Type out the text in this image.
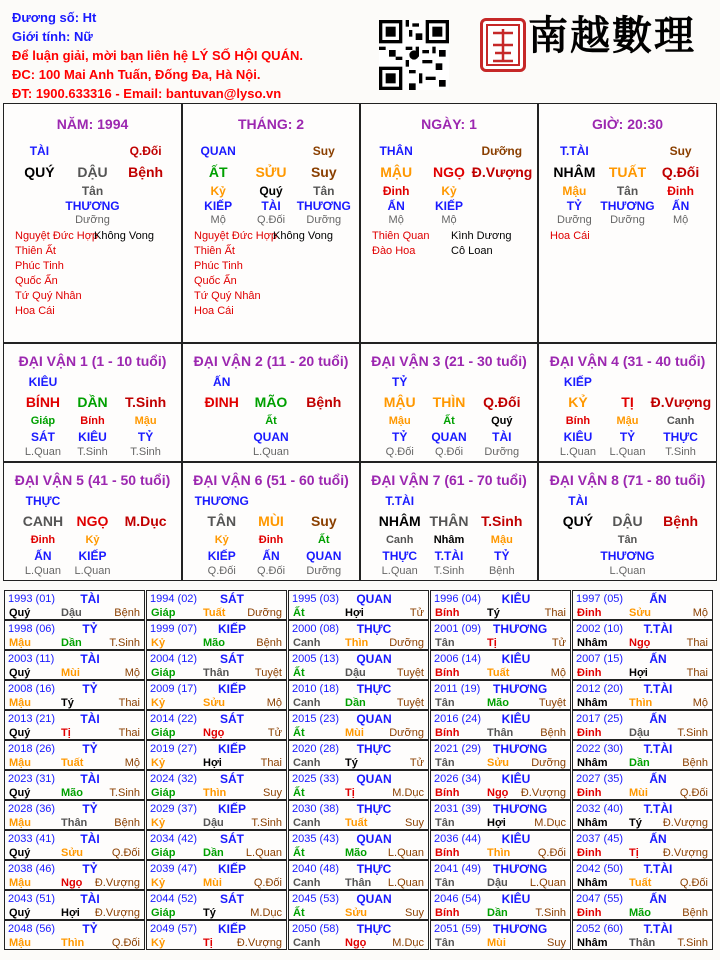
Đương số: Ht
Giới tính: Nữ
Để luận giải, mời bạn liên hệ LÝ SỐ HỘI QUÁN.
ĐC: 100 Mai Anh Tuấn, Đống Đa, Hà Nội.
ĐT: 1900.633316 - Email: bantuvan@lyso.vn
南越數理
NĂM: 1994
TÀI	Q.Đối
QUÝ	DẬU	Bệnh
Tân
THƯƠNG
Dưỡng
Nguyệt Đức Hợp
Thiên Ất
Phúc Tinh
Quốc Ấn
Tứ Quý Nhân
Hoa Cái
Không Vong
THÁNG: 2
QUAN	Suy
ẤT	SỬU	Suy
Kỷ	Quý	Tân
KIẾP	TÀI	THƯƠNG
Mộ	Q.Đối	Dưỡng
Nguyệt Đức Hợp
Thiên Ất
Phúc Tinh
Quốc Ấn
Tứ Quý Nhân
Hoa Cái
Không Vong
NGÀY: 1
THÂN	Dưỡng
MẬU	NGỌ Đ.Vượng
Đinh	Kỷ
ẤN	KIẾP
Mộ	Mộ
Thiên Quan
Đào Hoa
Kình Dương
Cô Loan
GIỜ: 20:30
T.TÀI	Suy
NHÂM TUẤT	Q.Đối
Mậu	Tân	Đinh
TỶ	THƯƠNG	ẤN
Dưỡng	Dưỡng	Mộ
Hoa Cái
ĐẠI VẬN 1 (1 - 10 tuổi)
KIÊU
BÍNH	DẦN	T.Sinh
Giáp	Bính	Mậu
SÁT	KIÊU	TỶ
L.Quan	T.Sinh	T.Sinh
ĐẠI VẬN 2 (11 - 20 tuổi)
ẤN
ĐINH	MÃO	Bệnh
Ất
QUAN
L.Quan
ĐẠI VẬN 3 (21 - 30 tuổi)
TỶ
MẬU	THÌN	Q.Đối
Mậu	Ất	Quý
TỶ	QUAN	TÀI
Q.Đối	Q.Đối	Dưỡng
ĐẠI VẬN 4 (31 - 40 tuổi)
KIẾP
KỶ	TỊ	Đ.Vượng
Bính	Mậu	Canh
KIÊU	TỶ	THỰC
L.Quan	L.Quan	T.Sinh
ĐẠI VẬN 5 (41 - 50 tuổi)
THỰC
CANH NGỌ	M.Dục
Đinh	Kỷ
ẤN	KIẾP
L.Quan	L.Quan
ĐẠI VẬN 6 (51 - 60 tuổi)
THƯƠNG
TÂN	MÙI	Suy
Kỷ	Đinh	Ất
KIẾP	ẤN	QUAN
Q.Đối	Q.Đối	Dưỡng
ĐẠI VẬN 7 (61 - 70 tuổi)
T.TÀI
NHÂM THÂN T.Sinh
Canh	Nhâm	Mậu
THỰC	T.TÀI	TỶ
L.Quan	T.Sinh	Bệnh
ĐẠI VẬN 8 (71 - 80 tuổi)
TÀI
QUÝ	DẬU	Bệnh
Tân
THƯƠNG
L.Quan
1993 (01)	TÀI
Quý	Dậu	Bệnh
1994 (02)	SÁT
Giáp	Tuất Dưỡng
1995 (03)	QUAN
Ất	Hợi	Tử
1996 (04)	KIÊU
Bính	Tý	Thai
1997 (05)	ẤN
Đinh	Sửu	Mộ
1998 (06)	TỶ
Mậu	Dần	T.Sinh
1999 (07)	KIẾP
Kỷ	Mão	Bệnh
2000 (08)	THỰC
Canh Thìn Dưỡng
2001 (09) THƯƠNG
Tân	Tị	Tử
2002 (10)	T.TÀI
Nhâm Ngọ	Thai
2003 (11)	TÀI
Quý	Mùi	Mộ
2004 (12)	SÁT
Giáp	Thân Tuyệt
2005 (13)	QUAN
Ất	Dậu	Tuyệt
2006 (14)	KIÊU
Bính	Tuất	Mộ
2007 (15)	ẤN
Đinh	Hợi	Thai
2008 (16)	TỶ
Mậu	Tý	Thai
2009 (17)	KIẾP
Kỷ	Sửu	Mộ
2010 (18)	THỰC
Canh Dần	Tuyệt
2011 (19) THƯƠNG
Tân	Mão	Tuyệt
2012 (20)	T.TÀI
Nhâm Thìn	Mộ
2013 (21)	TÀI
Quý	Tị	Thai
2014 (22)	SÁT
Giáp	Ngọ	Tử
2015 (23)	QUAN
Ất	Mùi Dưỡng
2016 (24)	KIÊU
Bính	Thân Bệnh
2017 (25)	ẤN
Đinh	Dậu	T.Sinh
2018 (26)	TỶ
Mậu	Tuất	Mộ
2019 (27)	KIẾP
Kỷ	Hợi	Thai
2020 (28)	THỰC
Canh Tý	Tử
2021 (29) THƯƠNG
Tân	Sửu Dưỡng
2022 (30)	T.TÀI
Nhâm Dần	Bệnh
2023 (31)	TÀI
Quý	Mão T.Sinh
2024 (32)	SÁT
Giáp	Thìn	Suy
2025 (33)	QUAN
Ất	Tị	M.Dục
2026 (34)	KIÊU
Bính	Ngọ Đ.Vượng
2027 (35)	ẤN
Đinh	Mùi	Q.Đối
2028 (36)	TỶ
Mậu	Thân Bệnh
2029 (37)	KIẾP
Kỷ	Dậu	T.Sinh
2030 (38)	THỰC
Canh Tuất	Suy
2031 (39) THƯƠNG
Tân	Hợi	M.Dục
2032 (40)	T.TÀI
Nhâm Tý Đ.Vượng
2033 (41)	TÀI
Quý	Sửu	Q.Đối
2034 (42)	SÁT
Giáp	Dần L.Quan
2035 (43)	QUAN
Ất	Mão L.Quan
2036 (44)	KIÊU
Bính	Thìn	Q.Đối
2037 (45)	ẤN
Đinh	Tị Đ.Vượng
2038 (46)	TỶ
Mậu	Ngọ Đ.Vượng
2039 (47)	KIẾP
Kỷ	Mùi	Q.Đối
2040 (48)	THỰC
Canh Thân L.Quan
2041 (49) THƯƠNG
Tân	Dậu L.Quan
2042 (50)	T.TÀI
Nhâm Tuất	Q.Đối
2043 (51)	TÀI
Quý	Hợi Đ.Vượng
2044 (52)	SÁT
Giáp	Tý	M.Dục
2045 (53)	QUAN
Ất	Sửu	Suy
2046 (54)	KIÊU
Bính	Dần	T.Sinh
2047 (55)	ẤN
Đinh	Mão	Bệnh
2048 (56)	TỶ
Mậu	Thìn	Q.Đối
2049 (57)	KIẾP
Kỷ	Tị Đ.Vượng
2050 (58)	THỰC
Canh Ngọ M.Dục
2051 (59) THƯƠNG
Tân	Mùi	Suy
2052 (60)	T.TÀI
Nhâm Thân T.Sinh
